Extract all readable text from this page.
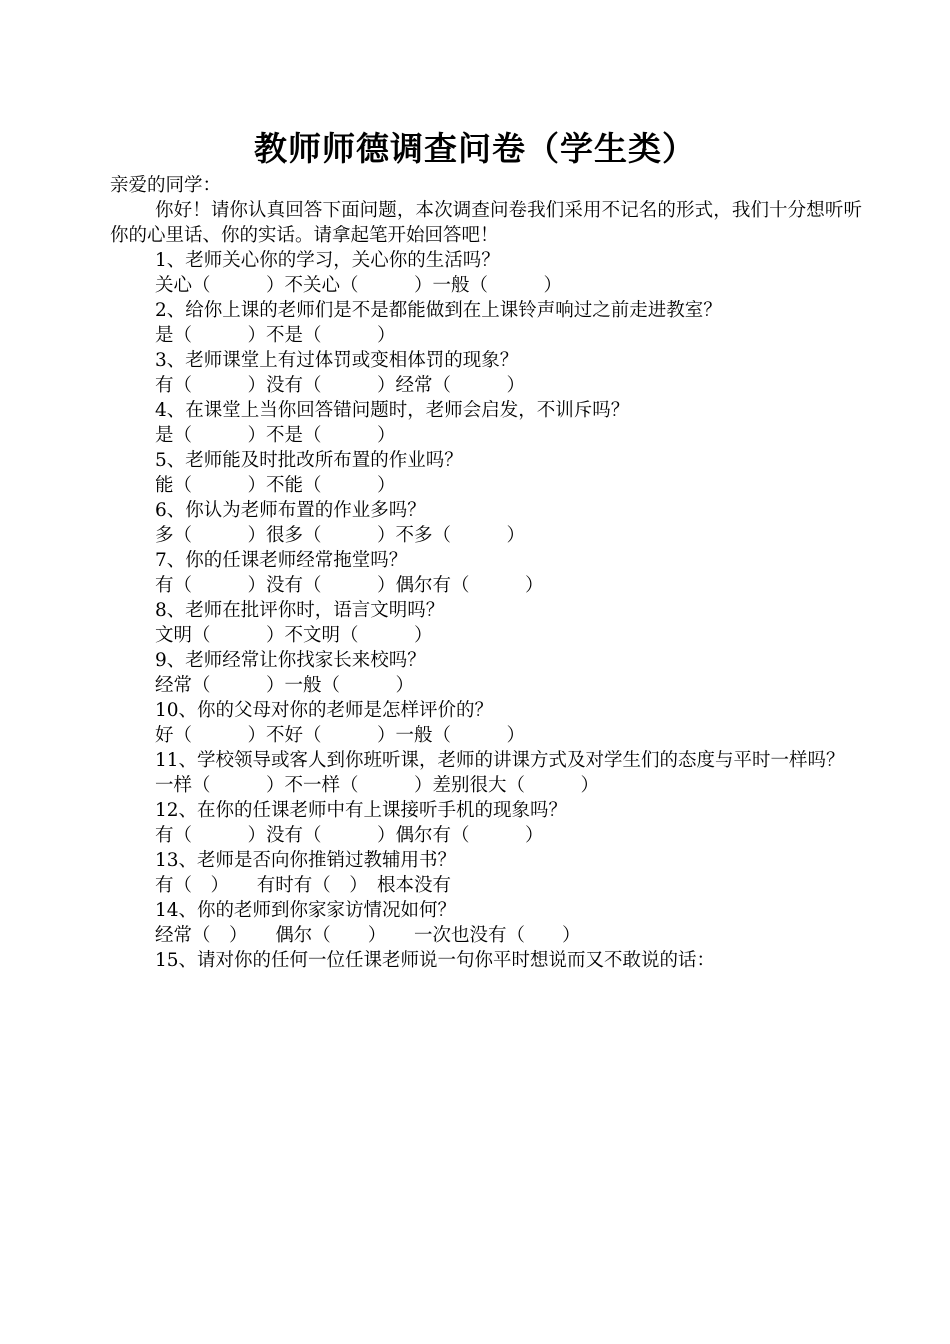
教师师德调查问卷（学生类）
亲爱的同学：
你好！请你认真回答下面问题，本次调查问卷我们采用不记名的形式，我们十分想听听你的心里话、你的实话。请拿起笔开始回答吧！
1、老师关心你的学习，关心你的生活吗？
关心（　　　）不关心（　　　）一般（　　　）
2、给你上课的老师们是不是都能做到在上课铃声响过之前走进教室？
是（　　　）不是（　　　）
3、老师课堂上有过体罚或变相体罚的现象？
有（　　　）没有（　　　）经常（　　　）
4、在课堂上当你回答错问题时，老师会启发，不训斥吗？
是（　　　）不是（　　　）
5、老师能及时批改所布置的作业吗？
能（　　　）不能（　　　）
6、你认为老师布置的作业多吗？
多（　　　）很多（　　　）不多（　　　）
7、你的任课老师经常拖堂吗？
有（　　　）没有（　　　）偶尔有（　　　）
8、老师在批评你时，语言文明吗？
文明（　　　）不文明（　　　）
9、老师经常让你找家长来校吗？
经常（　　　）一般（　　　）
10、你的父母对你的老师是怎样评价的？
好（　　　）不好（　　　）一般（　　　）
11、学校领导或客人到你班听课，老师的讲课方式及对学生们的态度与平时一样吗？
一样（　　　）不一样（　　　）差别很大（　　　）
12、在你的任课老师中有上课接听手机的现象吗？
有（　　　）没有（　　　）偶尔有（　　　）
13、老师是否向你推销过教辅用书？
有（　）　　有时有（　）　根本没有
14、你的老师到你家家访情况如何？
经常（　）　　偶尔（　　）　　一次也没有（　　）
15、请对你的任何一位任课老师说一句你平时想说而又不敢说的话：
